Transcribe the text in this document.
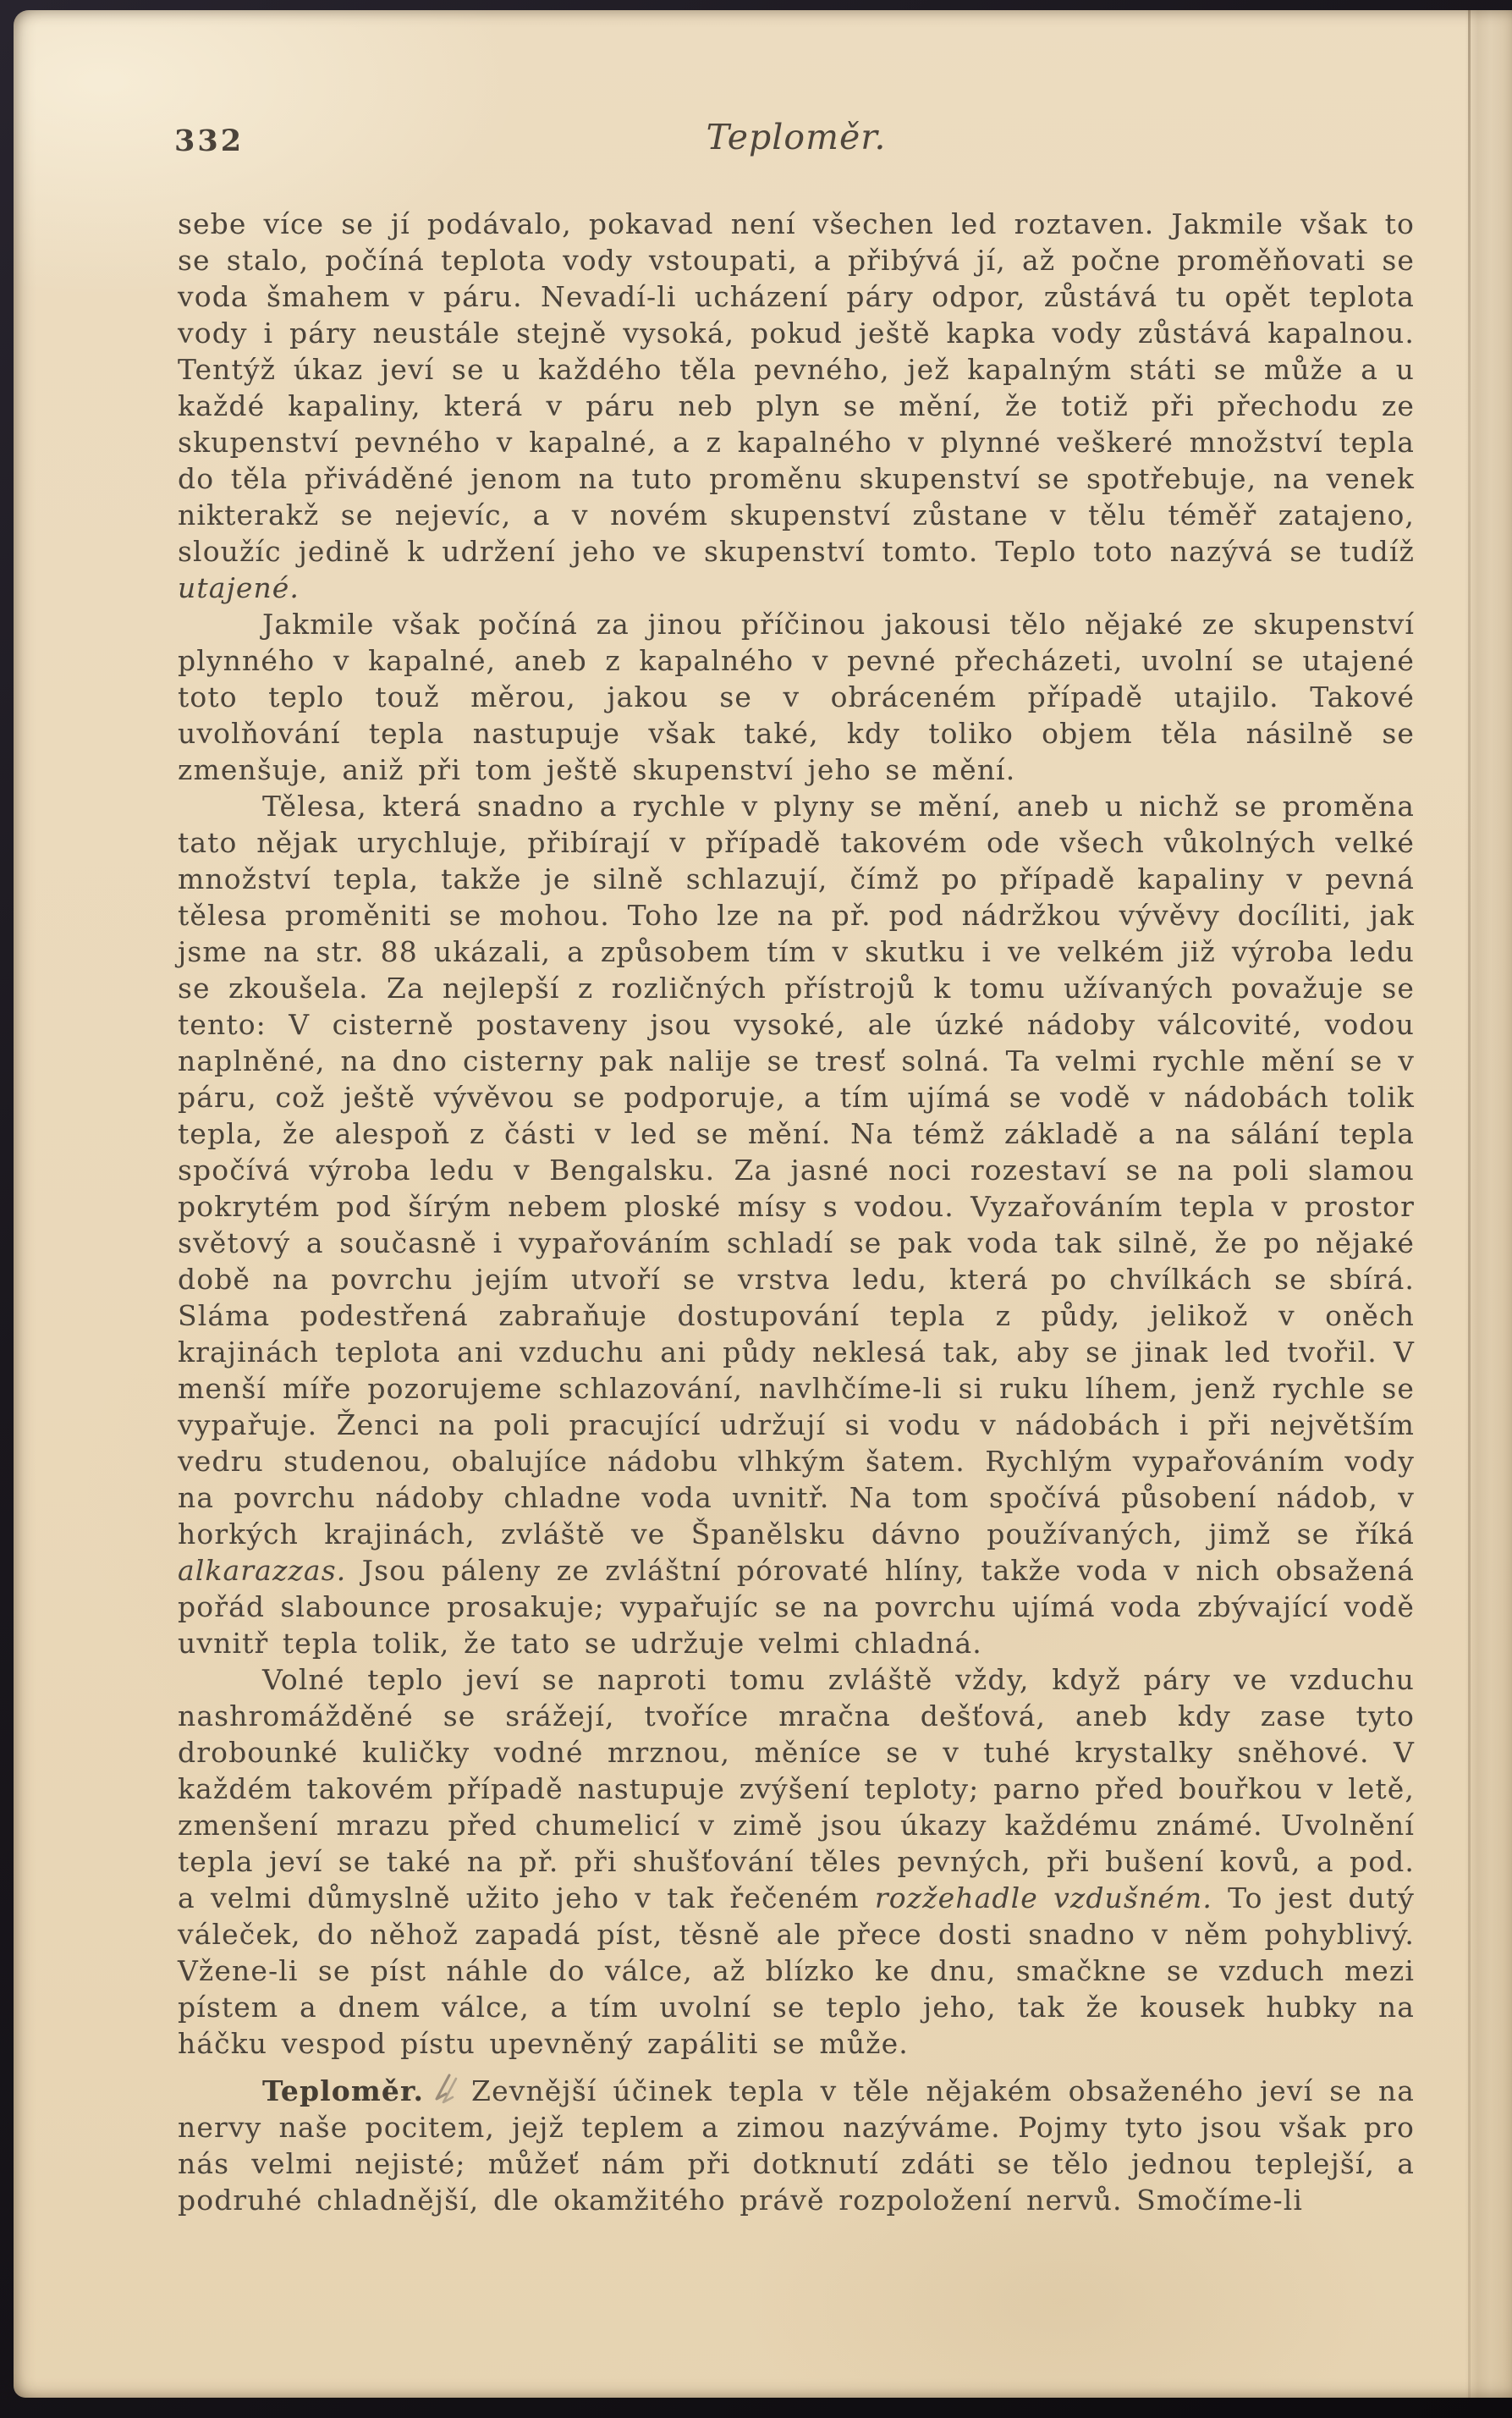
332	Teploměr.

sebe více se jí podávalo, pokavad není všechen led roztaven. Jakmile však to se stalo, počíná teplota vody vstoupati, a přibývá jí, až počne proměňovati se voda šmahem v páru. Nevadí-li ucházení páry odpor, zůstává tu opět teplota vody i páry neustále stejně vysoká, pokud ještě kapka vody zůstává kapalnou. Tentýž úkaz jeví se u každého těla pevného, jež kapalným státi se může a u každé kapaliny, která v páru neb plyn se mění, že totiž při přechodu ze skupenství pevného v kapalné, a z kapalného v plynné veškeré množství tepla do těla přiváděné jenom na tuto proměnu skupenství se spotřebuje, na venek nikterakž se nejevíc, a v novém skupenství zůstane v tělu téměř zatajeno, sloužíc jedině k udržení jeho ve skupenství tomto. Teplo toto nazývá se tudíž utajené.

Jakmile však počíná za jinou příčinou jakousi tělo nějaké ze skupenství plynného v kapalné, aneb z kapalného v pevné přecházeti, uvolní se utajené toto teplo touž měrou, jakou se v obráceném případě utajilo. Takové uvolňování tepla nastupuje však také, kdy toliko objem těla násilně se zmenšuje, aniž při tom ještě skupenství jeho se mění.

Tělesa, která snadno a rychle v plyny se mění, aneb u nichž se proměna tato nějak urychluje, přibírají v případě takovém ode všech vůkolných velké množství tepla, takže je silně schlazují, čímž po případě kapaliny v pevná tělesa proměniti se mohou. Toho lze na př. pod nádržkou vývěvy docíliti, jak jsme na str. 88 ukázali, a způsobem tím v skutku i ve velkém již výroba ledu se zkoušela. Za nejlepší z rozličných přístrojů k tomu užívaných považuje se tento: V cisterně postaveny jsou vysoké, ale úzké nádoby válcovité, vodou naplněné, na dno cisterny pak nalije se tresť solná. Ta velmi rychle mění se v páru, což ještě vývěvou se podporuje, a tím ujímá se vodě v nádobách tolik tepla, že alespoň z části v led se mění. Na témž základě a na sálání tepla spočívá výroba ledu v Bengalsku. Za jasné noci rozestaví se na poli slamou pokrytém pod šírým nebem ploské mísy s vodou. Vyzařováním tepla v prostor světový a současně i vypařováním schladí se pak voda tak silně, že po nějaké době na povrchu jejím utvoří se vrstva ledu, která po chvílkách se sbírá. Sláma podestřená zabraňuje dostupování tepla z půdy, jelikož v oněch krajinách teplota ani vzduchu ani půdy neklesá tak, aby se jinak led tvořil. V menší míře pozorujeme schlazování, navlhčíme-li si ruku líhem, jenž rychle se vypařuje. Ženci na poli pracující udržují si vodu v nádobách i při největším vedru studenou, obalujíce nádobu vlhkým šatem. Rychlým vypařováním vody na povrchu nádoby chladne voda uvnitř. Na tom spočívá působení nádob, v horkých krajinách, zvláště ve Španělsku dávno používaných, jimž se říká alkarazzas. Jsou páleny ze zvláštní pórovaté hlíny, takže voda v nich obsažená pořád slabounce prosakuje; vypařujíc se na povrchu ujímá voda zbývající vodě uvnitř tepla tolik, že tato se udržuje velmi chladná.

Volné teplo jeví se naproti tomu zvláště vždy, když páry ve vzduchu nashromážděné se srážejí, tvoříce mračna dešťová, aneb kdy zase tyto drobounké kuličky vodné mrznou, měníce se v tuhé krystalky sněhové. V každém takovém případě nastupuje zvýšení teploty; parno před bouřkou v letě, zmenšení mrazu před chumelicí v zimě jsou úkazy každému známé. Uvolnění tepla jeví se také na př. při shušťování těles pevných, při bušení kovů, a pod. a velmi důmyslně užito jeho v tak řečeném rozžehadle vzdušném. To jest dutý váleček, do něhož zapadá píst, těsně ale přece dosti snadno v něm pohyblivý. Vžene-li se píst náhle do válce, až blízko ke dnu, smačkne se vzduch mezi pístem a dnem válce, a tím uvolní se teplo jeho, tak že kousek hubky na háčku vespod pístu upevněný zapáliti se může.

Teploměr. Zevnější účinek tepla v těle nějakém obsaženého jeví se na nervy naše pocitem, jejž teplem a zimou nazýváme. Pojmy tyto jsou však pro nás velmi nejisté; můžeť nám při dotknutí zdáti se tělo jednou teplejší, a podruhé chladnější, dle okamžitého právě rozpoložení nervů. Smočíme-li
